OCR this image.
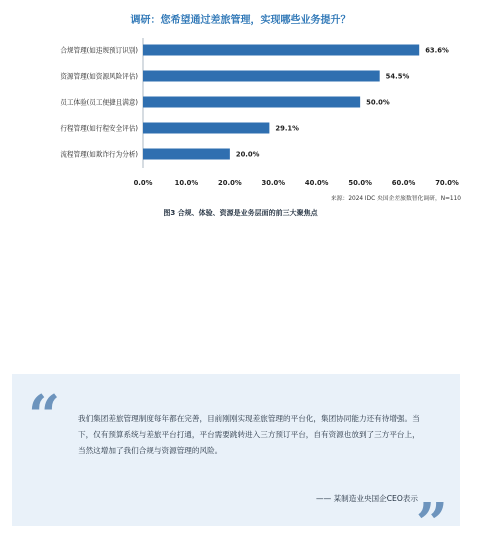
调研：您希望通过差旅管理，实现哪些业务提升？
合规管理(如违规预订识别)	63.6%
资源管理(如资源风险评估)	54.5%
员工体验(员工便捷且满意)	50.0%
行程管理(如行程安全评估)	29.1%
流程管理(如欺诈行为分析)	20.0%
0.0%	10.0%	20.0%	30.0%	40.0%	50.0%	60.0%	70.0%
来源：2024 IDC 央国企差旅数智化调研，N=110
图3 合规、体验、资源是业务层面的前三大聚焦点
“ 我们集团差旅管理制度每年都在完善，目前刚刚实现差旅管理的平台化，集团协同能力还有待增强。当下，仅有预算系统与差旅平台打通，平台需要跳转进入三方预订平台，自有资源也放到了三方平台上，当然这增加了我们合规与资源管理的风险。
—— 某制造业央国企CEO表示
”
